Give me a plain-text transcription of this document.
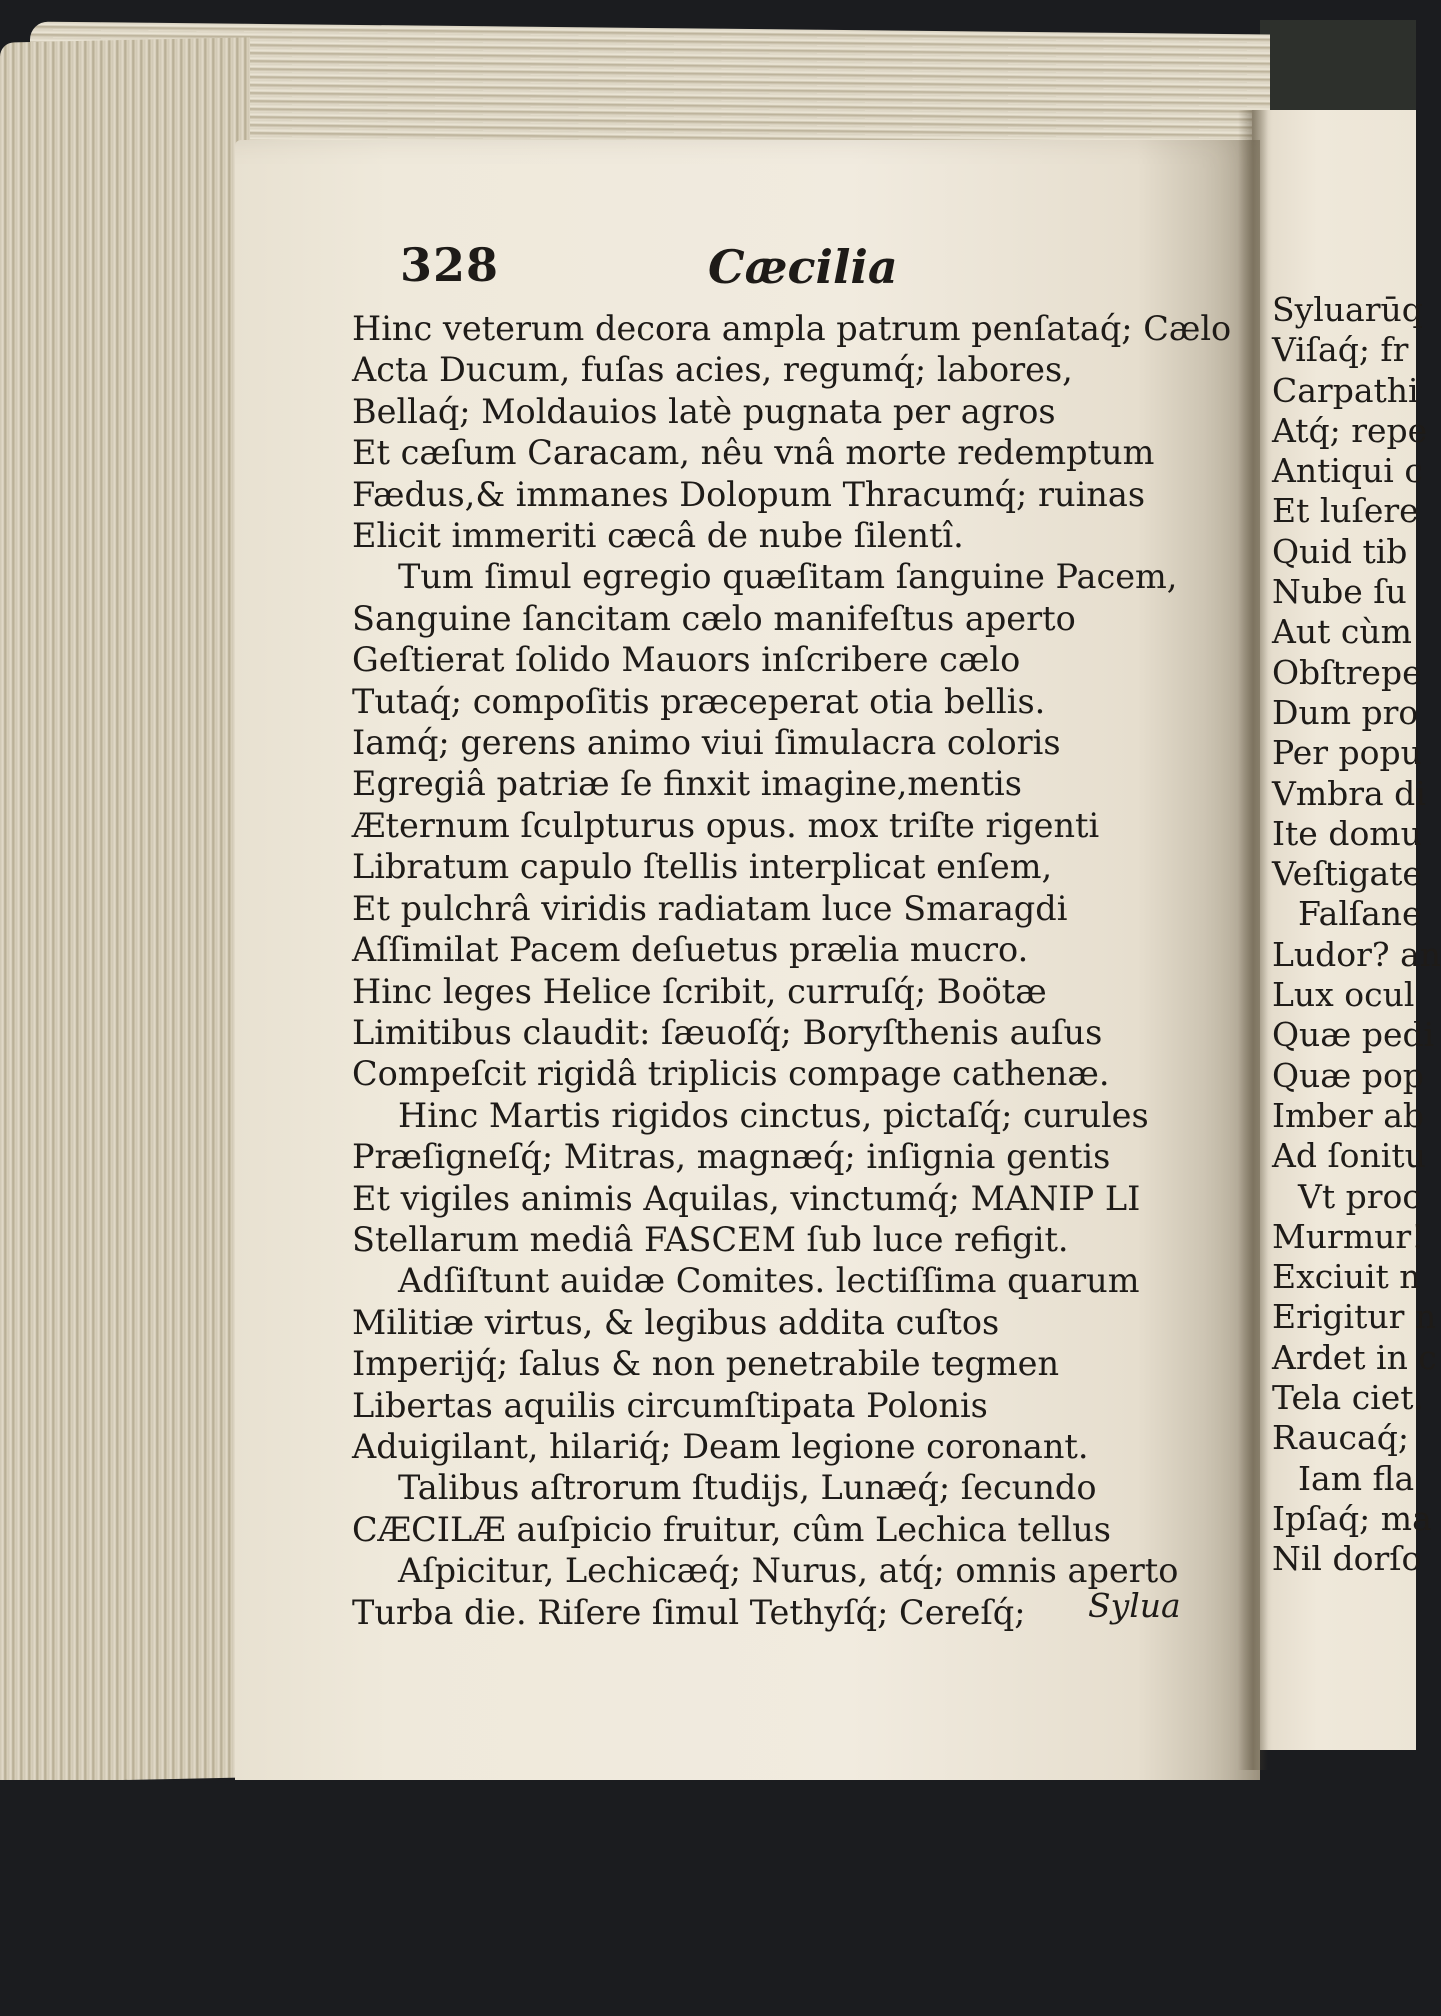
328	Cæcilia
Hinc veterum decora ampla patrum penſataq́; Cælo
Acta Ducum, fuſas acies, regumq́; labores,
Bellaq́; Moldauios latè pugnata per agros
Et cæſum Caracam, nêu vnâ morte redemptum
Fædus,& immanes Dolopum Thracumq́; ruinas
Elicit immeriti cæcâ de nube ſilentî.
Tum ſimul egregio quæſitam ſanguine Pacem,
Sanguine ſancitam cælo manifeſtus aperto
Geſtierat ſolido Mauors inſcribere cælo
Tutaq́; compoſitis præceperat otia bellis.
Iamq́; gerens animo viui ſimulacra coloris
Egregiâ patriæ ſe finxit imagine,mentis
Æternum ſculpturus opus. mox triſte rigenti
Libratum capulo ſtellis interplicat enſem,
Et pulchrâ viridis radiatam luce Smaragdi
Aſſimilat Pacem deſuetus prælia mucro.
Hinc leges Helice ſcribit, curruſq́; Boötæ
Limitibus claudit: ſæuoſq́; Boryſthenis auſus
Compeſcit rigidâ triplicis compage cathenæ.
Hinc Martis rigidos cinctus, pictaſq́; curules
Præſigneſq́; Mitras, magnæq́; inſignia gentis
Et vigiles animis Aquilas, vinctumq́; MANIP LI
Stellarum mediâ FASCEM ſub luce refigit.
Adſiſtunt auidæ Comites. lectiſſima quarum
Militiæ virtus, & legibus addita cuſtos
Imperijq́; ſalus & non penetrabile tegmen
Libertas aquilis circumſtipata Polonis
Aduigilant, hilariq́; Deam legione coronant.
Talibus aſtrorum ſtudijs, Lunæq́; ſecundo
CÆCILÆ auſpicio fruitur, cûm Lechica tellus
Aſpicitur, Lechicæq́; Nurus, atq́; omnis aperto
Turba die. Riſere ſimul Tethyſq́; Cereſq́;	Sylua
Syluarūq
Viſaq́; fr
Carpathi
Atq́; repe
Antiqui c
Et luſere
Quid tib
Nube ſu
Aut cùm
Obſtrepe
Dum pro
Per popu
Vmbra di
Ite domu
Veſtigate
Falſane
Ludor? an
Lux ocul
Quæ pedi
Quæ pop
Imber ab
Ad ſonitu
Vt proc
Murmur!
Exciuit n
Erigitur n
Ardet in c
Tela ciet.
Raucaq́;
Iam fla
Ipſaq́; ma
Nil dorſo
